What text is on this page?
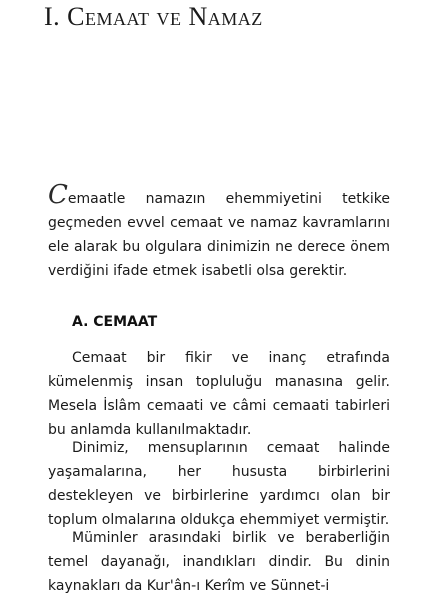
I. Cemaat ve Namaz

Cemaatle namazın ehemmiyetini tetkike geçmeden evvel cemaat ve namaz kavramlarını ele alarak bu olgulara dinimizin ne derece önem verdiğini ifade etmek isabetli olsa gerektir.

A. CEMAAT

Cemaat bir fikir ve inanç etrafında kümelenmiş insan topluluğu manasına gelir. Mesela İslâm cemaati ve câmi cemaati tabirleri bu anlamda kullanılmaktadır.

Dinimiz, mensuplarının cemaat halinde yaşamalarına, her hususta birbirlerini destekleyen ve birbirlerine yardımcı olan bir toplum olmalarına oldukça ehemmiyet vermiştir.

Müminler arasındaki birlik ve beraberliğin temel dayanağı, inandıkları dindir. Bu dinin kaynakları da Kur'ân-ı Kerîm ve Sünnet-i
